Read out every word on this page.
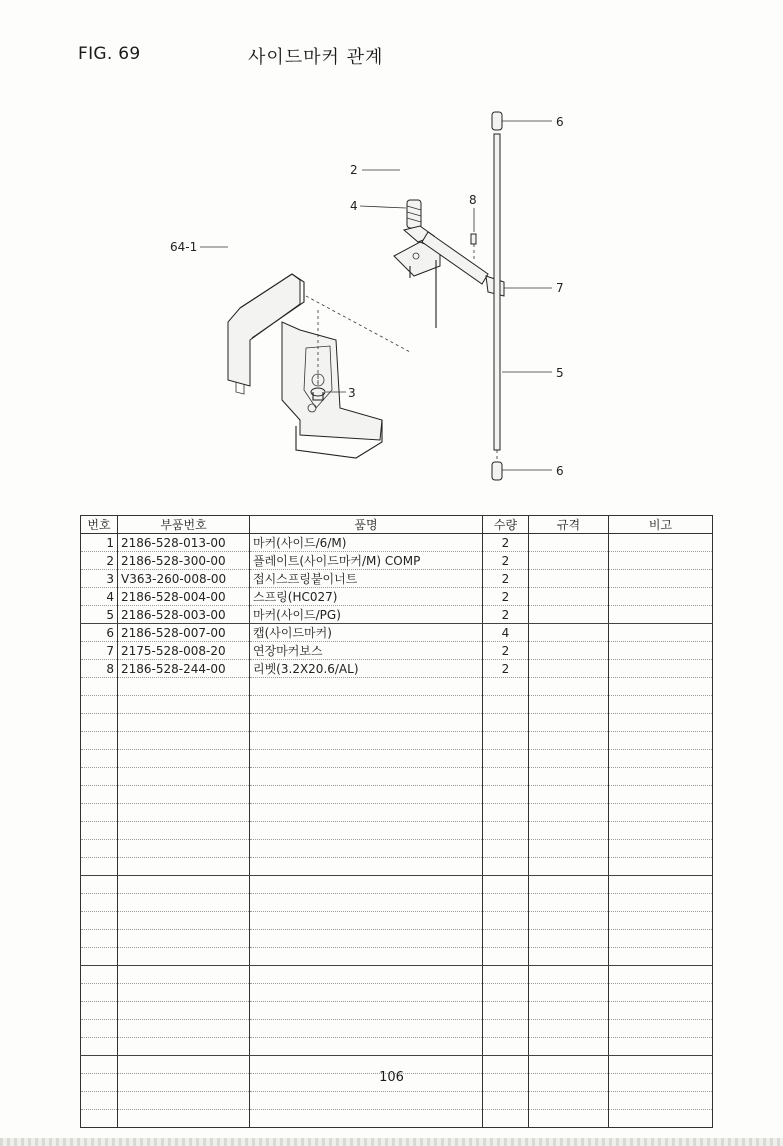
FIG. 69	사이드마커 관계
6
2
4	8
64-1
7
5
3
6
번호	부품번호	품명	수량	규격	비고
1	2186-528-013-00	마커(사이드/6/M)	2		
2	2186-528-300-00	플레이트(사이드마커/M) COMP	2		
3	V363-260-008-00	접시스프링붙이너트	2		
4	2186-528-004-00	스프링(HC027)	2		
5	2186-528-003-00	마커(사이드/PG)	2		
6	2186-528-007-00	캡(사이드마커)	4		
7	2175-528-008-20	연장마커보스	2		
8	2186-528-244-00	리벳(3.2X20.6/AL)	2		

106
